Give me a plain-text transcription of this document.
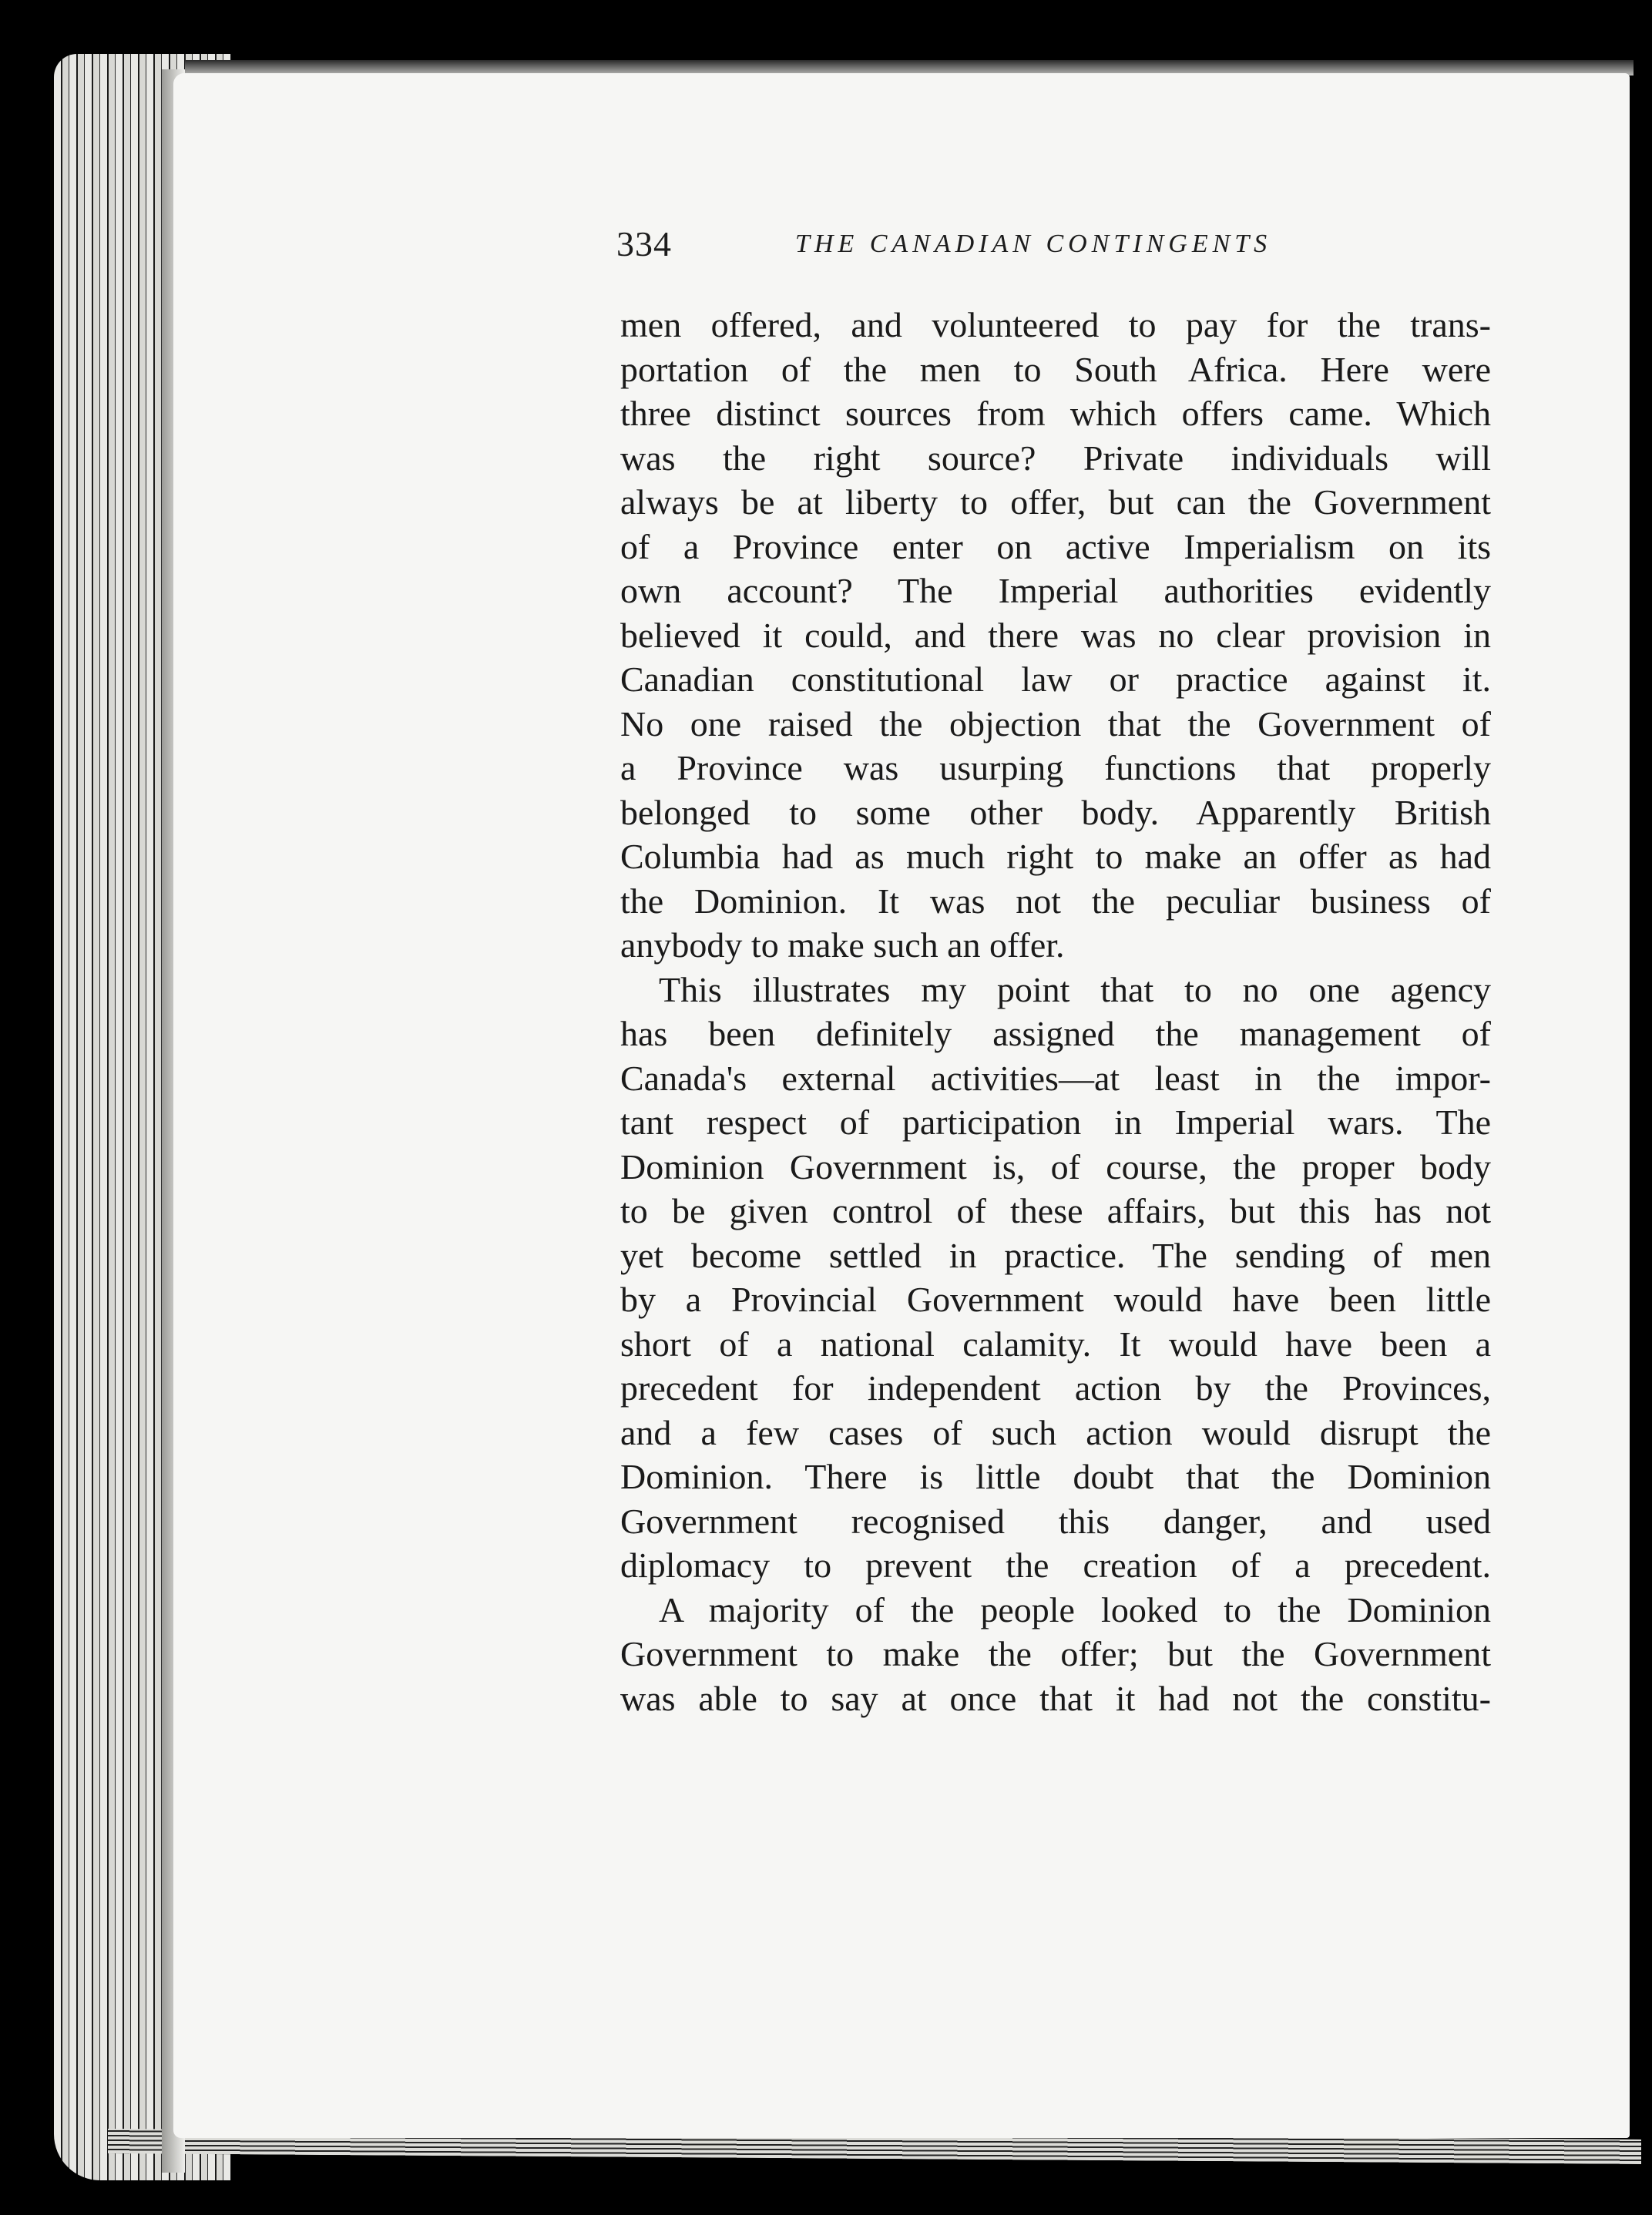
334	THE CANADIAN CONTINGENTS
men offered, and volunteered to pay for the trans-
portation of the men to South Africa. Here were
three distinct sources from which offers came. Which
was the right source? Private individuals will
always be at liberty to offer, but can the Government
of a Province enter on active Imperialism on its
own account? The Imperial authorities evidently
believed it could, and there was no clear provision in
Canadian constitutional law or practice against it.
No one raised the objection that the Government of
a Province was usurping functions that properly
belonged to some other body. Apparently British
Columbia had as much right to make an offer as had
the Dominion. It was not the peculiar business of
anybody to make such an offer.
This illustrates my point that to no one agency
has been definitely assigned the management of
Canada's external activities—at least in the impor-
tant respect of participation in Imperial wars. The
Dominion Government is, of course, the proper body
to be given control of these affairs, but this has not
yet become settled in practice. The sending of men
by a Provincial Government would have been little
short of a national calamity. It would have been a
precedent for independent action by the Provinces,
and a few cases of such action would disrupt the
Dominion. There is little doubt that the Dominion
Government recognised this danger, and used
diplomacy to prevent the creation of a precedent.
A majority of the people looked to the Dominion
Government to make the offer; but the Government
was able to say at once that it had not the constitu-
